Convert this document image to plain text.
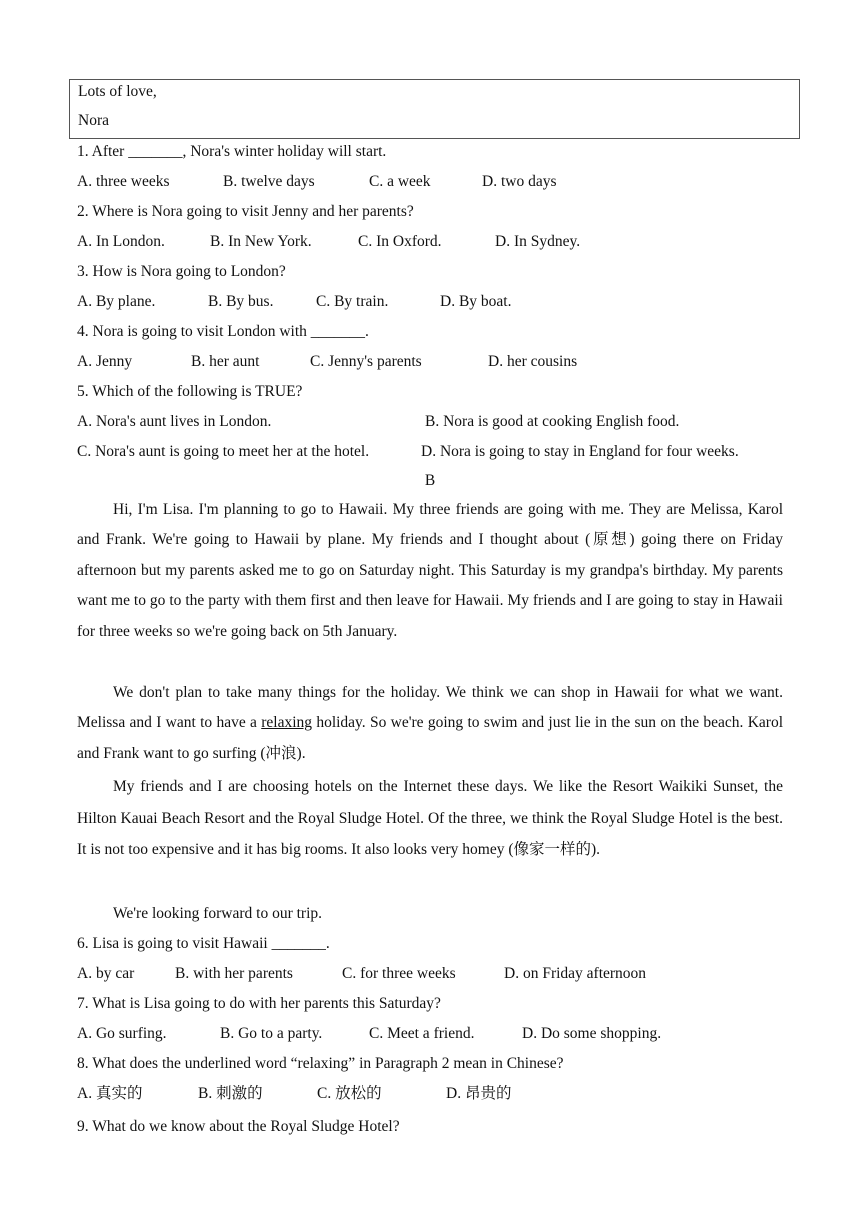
Lots of love,
Nora
1. After _______, Nora's winter holiday will start.
A. three weeks	B. twelve days	C. a week	D. two days
2. Where is Nora going to visit Jenny and her parents?
A. In London.	B. In New York.	C. In Oxford.	D. In Sydney.
3. How is Nora going to London?
A. By plane.	B. By bus.	C. By train.	D. By boat.
4. Nora is going to visit London with _______.
A. Jenny	B. her aunt	C. Jenny's parents	D. her cousins
5. Which of the following is TRUE?
A. Nora's aunt lives in London.	B. Nora is good at cooking English food.
C. Nora's aunt is going to meet her at the hotel.	D. Nora is going to stay in England for four weeks.
B

Hi, I'm Lisa. I'm planning to go to Hawaii. My three friends are going with me. They are Melissa, Karol and Frank. We're going to Hawaii by plane. My friends and I thought about (原想) going there on Friday afternoon but my parents asked me to go on Saturday night. This Saturday is my grandpa's birthday. My parents want me to go to the party with them first and then leave for Hawaii. My friends and I are going to stay in Hawaii for three weeks so we're going back on 5th January.

We don't plan to take many things for the holiday. We think we can shop in Hawaii for what we want. Melissa and I want to have a relaxing holiday. So we're going to swim and just lie in the sun on the beach. Karol and Frank want to go surfing (冲浪).

My friends and I are choosing hotels on the Internet these days. We like the Resort Waikiki Sunset, the Hilton Kauai Beach Resort and the Royal Sludge Hotel. Of the three, we think the Royal Sludge Hotel is the best. It is not too expensive and it has big rooms. It also looks very homey (像家一样的).

We're looking forward to our trip.

6. Lisa is going to visit Hawaii _______.
A. by car	B. with her parents	C. for three weeks	D. on Friday afternoon
7. What is Lisa going to do with her parents this Saturday?
A. Go surfing.	B. Go to a party.	C. Meet a friend.	D. Do some shopping.
8. What does the underlined word “relaxing” in Paragraph 2 mean in Chinese?
A. 真实的	B. 刺激的	C. 放松的	D. 昂贵的
9. What do we know about the Royal Sludge Hotel?
